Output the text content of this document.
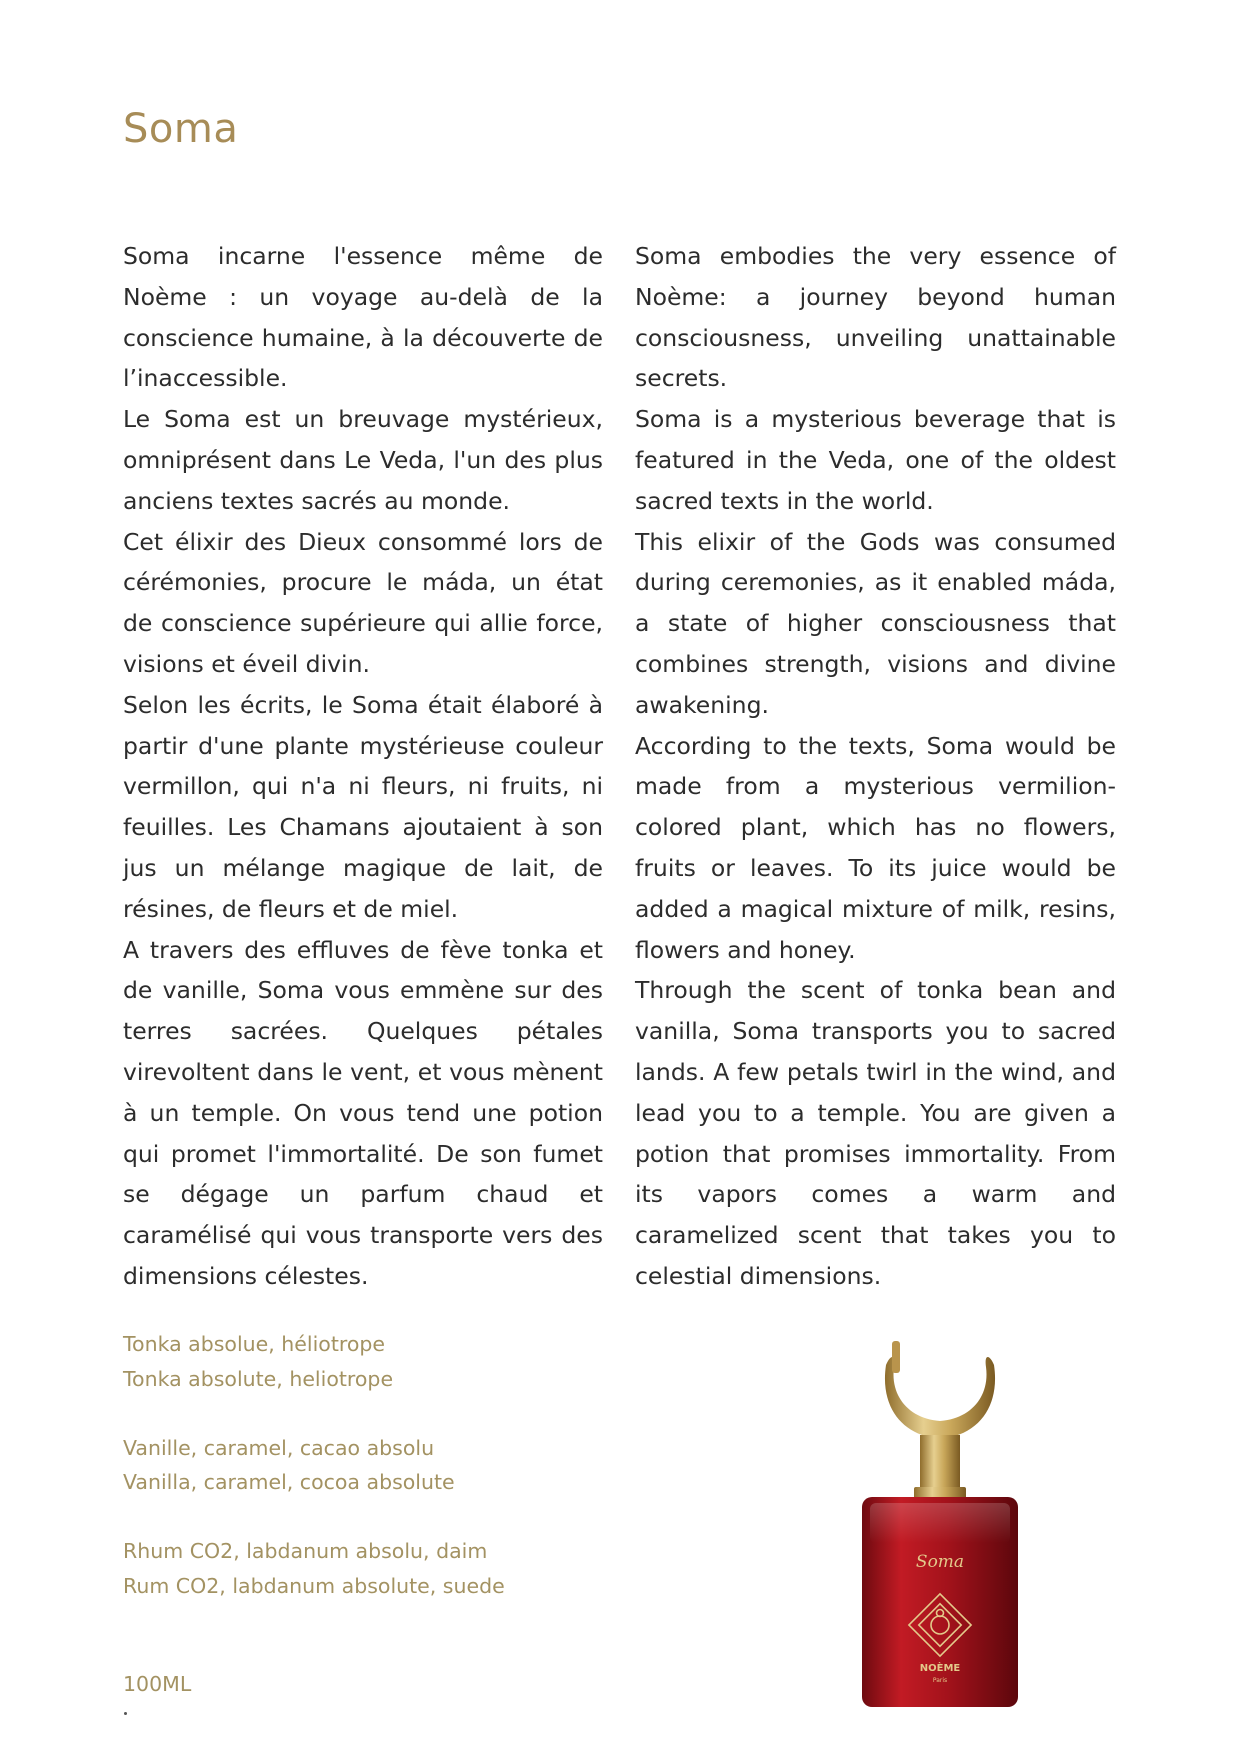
Soma

Soma incarne l'essence même de Noème : un voyage au-delà de la conscience humaine, à la découverte de l’inaccessible.

Le Soma est un breuvage mystérieux, omniprésent dans Le Veda, l'un des plus anciens textes sacrés au monde.

Cet élixir des Dieux consommé lors de cérémonies, procure le máda, un état de conscience supérieure qui allie force, visions et éveil divin.

Selon les écrits, le Soma était élaboré à partir d'une plante mystérieuse couleur vermillon, qui n'a ni fleurs, ni fruits, ni feuilles. Les Chamans ajoutaient à son jus un mélange magique de lait, de résines, de fleurs et de miel.

A travers des effluves de fève tonka et de vanille, Soma vous emmène sur des terres sacrées. Quelques pétales virevoltent dans le vent, et vous mènent à un temple. On vous tend une potion qui promet l'immortalité. De son fumet se dégage un parfum chaud et caramélisé qui vous transporte vers des dimensions célestes.

Soma embodies the very essence of Noème: a journey beyond human consciousness, unveiling unattainable secrets.

Soma is a mysterious beverage that is featured in the Veda, one of the oldest sacred texts in the world.

This elixir of the Gods was consumed during ceremonies, as it enabled máda, a state of higher consciousness that combines strength, visions and divine awakening.

According to the texts, Soma would be made from a mysterious vermilion-colored plant, which has no flowers, fruits or leaves. To its juice would be added a magical mixture of milk, resins, flowers and honey.

Through the scent of tonka bean and vanilla, Soma transports you to sacred lands. A few petals twirl in the wind, and lead you to a temple. You are given a potion that promises immortality. From its vapors comes a warm and caramelized scent that takes you to celestial dimensions.

Tonka absolue, héliotrope
Tonka absolute, heliotrope
Vanille, caramel, cacao absolu
Vanilla, caramel, cocoa absolute
Rhum CO2, labdanum absolu, daim
Rum CO2, labdanum absolute, suede
100ML
Soma
NOÈME
Paris
